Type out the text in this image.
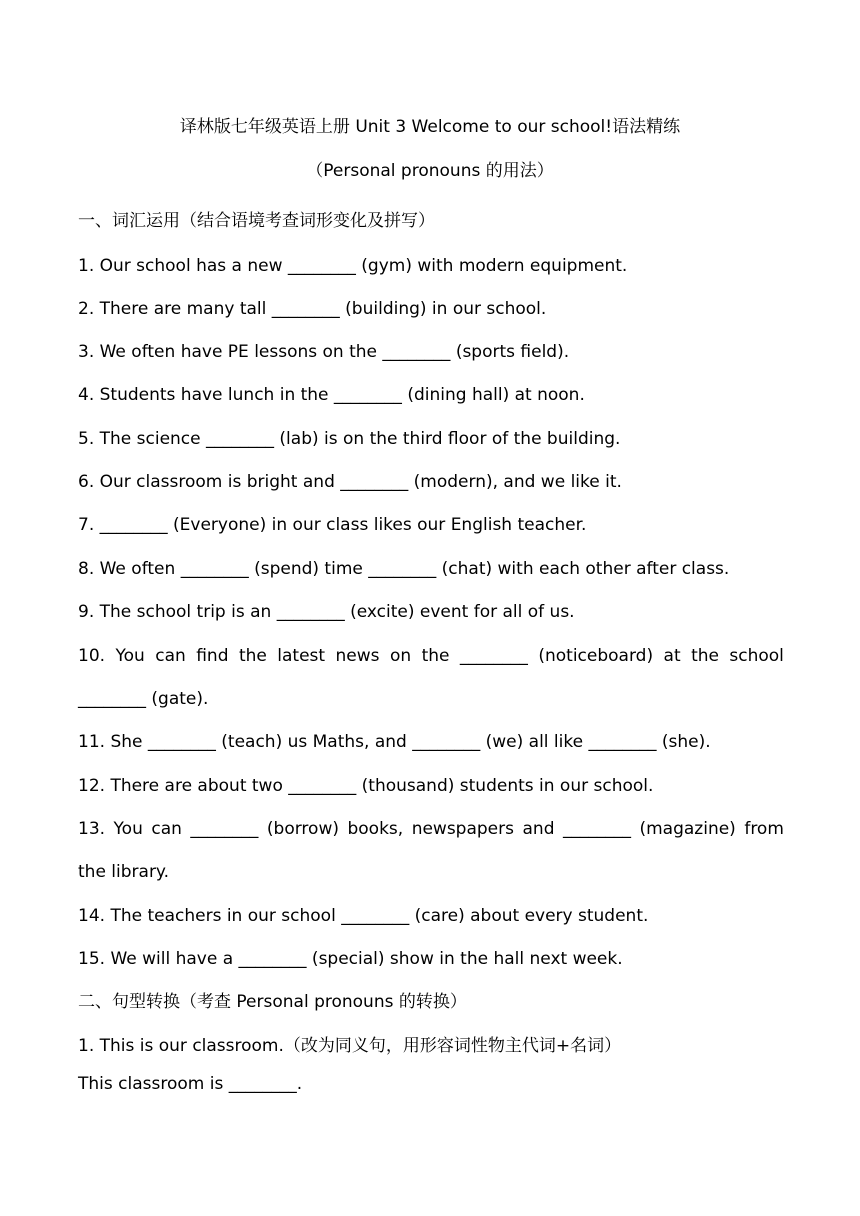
译林版七年级英语上册 Unit 3 Welcome to our school!语法精练
（Personal pronouns 的用法）
一、词汇运用（结合语境考查词形变化及拼写）
1. Our school has a new ________ (gym) with modern equipment.
2. There are many tall ________ (building) in our school.
3. We often have PE lessons on the ________ (sports field).
4. Students have lunch in the ________ (dining hall) at noon.
5. The science ________ (lab) is on the third floor of the building.
6. Our classroom is bright and ________ (modern), and we like it.
7. ________ (Everyone) in our class likes our English teacher.
8. We often ________ (spend) time ________ (chat) with each other after class.
9. The school trip is an ________ (excite) event for all of us.
10. You can find the latest news on the ________ (noticeboard) at the school
________ (gate).
11. She ________ (teach) us Maths, and ________ (we) all like ________ (she).
12. There are about two ________ (thousand) students in our school.
13. You can ________ (borrow) books, newspapers and ________ (magazine) from
the library.
14. The teachers in our school ________ (care) about every student.
15. We will have a ________ (special) show in the hall next week.
二、句型转换（考查 Personal pronouns 的转换）
1. This is our classroom.（改为同义句，用形容词性物主代词+名词）
This classroom is ________.
